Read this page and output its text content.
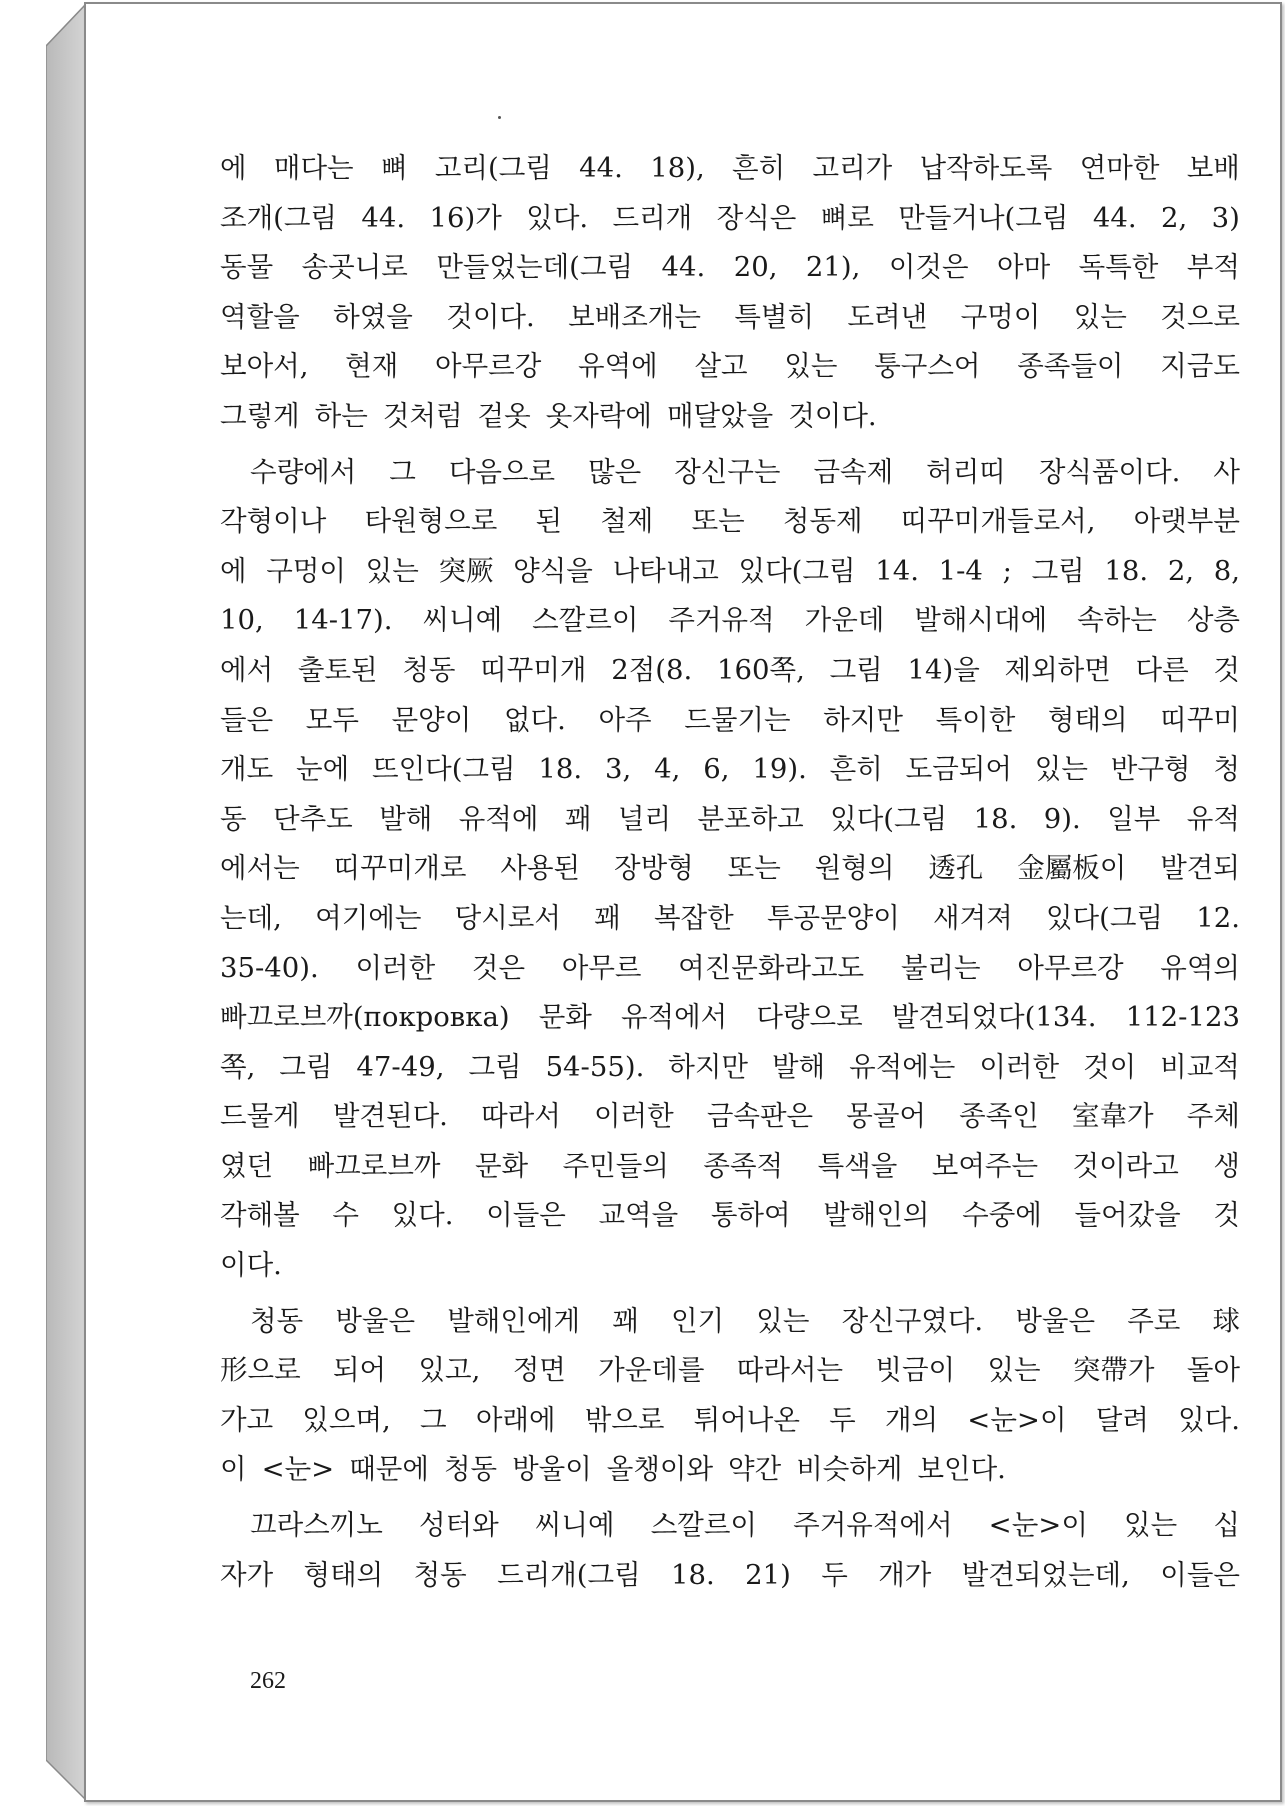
에 매다는 뼈 고리(그림 44. 18), 흔히 고리가 납작하도록 연마한 보배
조개(그림 44. 16)가 있다. 드리개 장식은 뼈로 만들거나(그림 44. 2, 3)
동물 송곳니로 만들었는데(그림 44. 20, 21), 이것은 아마 독특한 부적
역할을 하였을 것이다. 보배조개는 특별히 도려낸 구멍이 있는 것으로
보아서, 현재 아무르강 유역에 살고 있는 퉁구스어 종족들이 지금도
그렇게 하는 것처럼 겉옷 옷자락에 매달았을 것이다.
수량에서 그 다음으로 많은 장신구는 금속제 허리띠 장식품이다. 사
각형이나 타원형으로 된 철제 또는 청동제 띠꾸미개들로서, 아랫부분
에 구멍이 있는 突厥 양식을 나타내고 있다(그림 14. 1-4 ; 그림 18. 2, 8,
10, 14-17). 씨니예 스깔르이 주거유적 가운데 발해시대에 속하는 상층
에서 출토된 청동 띠꾸미개 2점(8. 160쪽, 그림 14)을 제외하면 다른 것
들은 모두 문양이 없다. 아주 드물기는 하지만 특이한 형태의 띠꾸미
개도 눈에 뜨인다(그림 18. 3, 4, 6, 19). 흔히 도금되어 있는 반구형 청
동 단추도 발해 유적에 꽤 널리 분포하고 있다(그림 18. 9). 일부 유적
에서는 띠꾸미개로 사용된 장방형 또는 원형의 透孔 金屬板이 발견되
는데, 여기에는 당시로서 꽤 복잡한 투공문양이 새겨져 있다(그림 12.
35-40). 이러한 것은 아무르 여진문화라고도 불리는 아무르강 유역의
빠끄로브까(покровка) 문화 유적에서 다량으로 발견되었다(134. 112-123
쪽, 그림 47-49, 그림 54-55). 하지만 발해 유적에는 이러한 것이 비교적
드물게 발견된다. 따라서 이러한 금속판은 몽골어 종족인 室韋가 주체
였던 빠끄로브까 문화 주민들의 종족적 특색을 보여주는 것이라고 생
각해볼 수 있다. 이들은 교역을 통하여 발해인의 수중에 들어갔을 것
이다.
청동 방울은 발해인에게 꽤 인기 있는 장신구였다. 방울은 주로 球
形으로 되어 있고, 정면 가운데를 따라서는 빗금이 있는 突帶가 돌아
가고 있으며, 그 아래에 밖으로 튀어나온 두 개의 <눈>이 달려 있다.
이 <눈> 때문에 청동 방울이 올챙이와 약간 비슷하게 보인다.
끄라스끼노 성터와 씨니예 스깔르이 주거유적에서 <눈>이 있는 십
자가 형태의 청동 드리개(그림 18. 21) 두 개가 발견되었는데, 이들은
262
